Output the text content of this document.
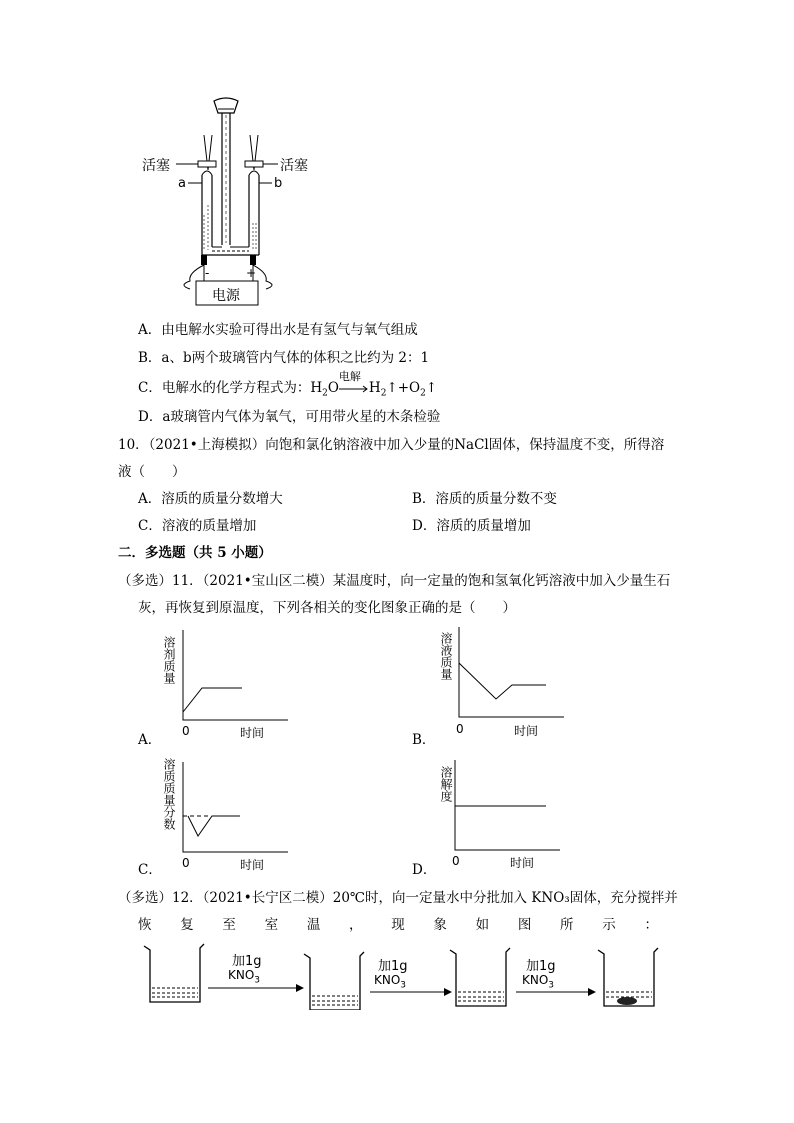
活塞	活塞
a	b
-	+
电源
A．由电解水实验可得出水是有氢气与氧气组成
B．a、b两个玻璃管内气体的体积之比约为 2：1
C．电解水的化学方程式为：$H_2O$
电解
$H_2↑+O_2↑$
D．a玻璃管内气体为氧气，可用带火星的木条检验
10．（2021•上海模拟）向饱和氯化钠溶液中加入少量的NaCl固体，保持温度不变，所得溶
液（　　）
A．溶质的质量分数增大	B．溶质的质量分数不变
C．溶液的质量增加	D．溶质的质量增加
二．多选题（共 5 小题）
（多选）11．（2021•宝山区二模）某温度时，向一定量的饱和氢氧化钙溶液中加入少量生石
灰，再恢复到原温度，下列各相关的变化图象正确的是（　　）
溶剂质量
0	时间
A．
溶液质量
0	时间
B．
溶质质量分数
0	时间
C．
溶解度
0	时间
D．
（多选）12．（2021•长宁区二模）20℃时，向一定量水中分批加入 KNO₃固体，充分搅拌并
恢 复 至 室 温 ， 现 象 如 图 所 示 ：
加1g
$KNO_3$
加1g
$KNO_3$
加1g
$KNO_3$
